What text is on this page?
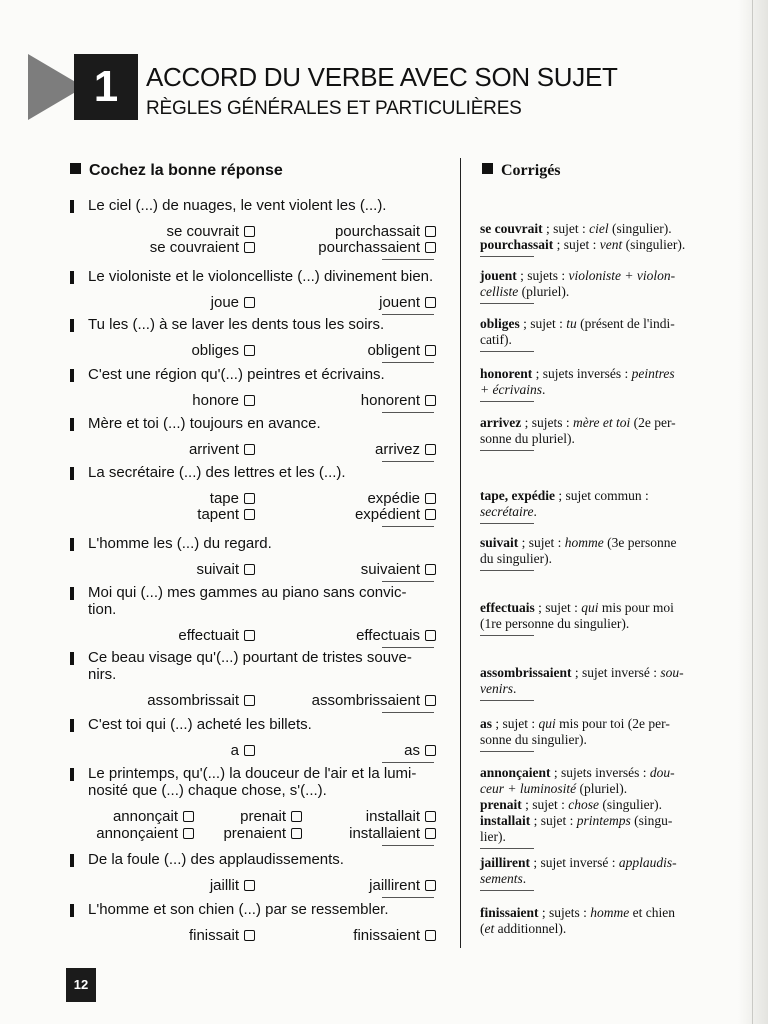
1	ACCORD DU VERBE AVEC SON SUJET
RÈGLES GÉNÉRALES ET PARTICULIÈRES
Cochez la bonne réponse	Corrigés
Le ciel (...) de nuages, le vent violent les (...).
se couvrait	pourchassait
se couvraient	pourchassaient
Le violoniste et le violoncelliste (...) divinement bien.
joue	jouent
Tu les (...) à se laver les dents tous les soirs.
obliges	obligent
C'est une région qu'(...) peintres et écrivains.
honore	honorent
Mère et toi (...) toujours en avance.
arrivent	arrivez
La secrétaire (...) des lettres et les (...).
tape	expédie
tapent	expédient
L'homme les (...) du regard.
suivait	suivaient
Moi qui (...) mes gammes au piano sans convic-
tion.
effectuait	effectuais
Ce beau visage qu'(...) pourtant de tristes souve-
nirs.
assombrissait	assombrissaient
C'est toi qui (...) acheté les billets.
a	as
Le printemps, qu'(...) la douceur de l'air et la lumi-
nosité que (...) chaque chose, s'(...).
annonçait	prenait	installait
annonçaient	prenaient	installaient
De la foule (...) des applaudissements.
jaillit	jaillirent
L'homme et son chien (...) par se ressembler.
finissait	finissaient
se couvrait ; sujet : ciel (singulier).
pourchassait ; sujet : vent (singulier).
jouent ; sujets : violoniste + violon-
celliste (pluriel).
obliges ; sujet : tu (présent de l'indi-
catif).
honorent ; sujets inversés : peintres
+ écrivains.
arrivez ; sujets : mère et toi (2e per-
sonne du pluriel).
tape, expédie ; sujet commun :
secrétaire.
suivait ; sujet : homme (3e personne
du singulier).
effectuais ; sujet : qui mis pour moi
(1re personne du singulier).
assombrissaient ; sujet inversé : sou-
venirs.
as ; sujet : qui mis pour toi (2e per-
sonne du singulier).
annonçaient ; sujets inversés : dou-
ceur + luminosité (pluriel).
prenait ; sujet : chose (singulier).
installait ; sujet : printemps (singu-
lier).
jaillirent ; sujet inversé : applaudis-
sements.
finissaient ; sujets : homme et chien
(et additionnel).
12
